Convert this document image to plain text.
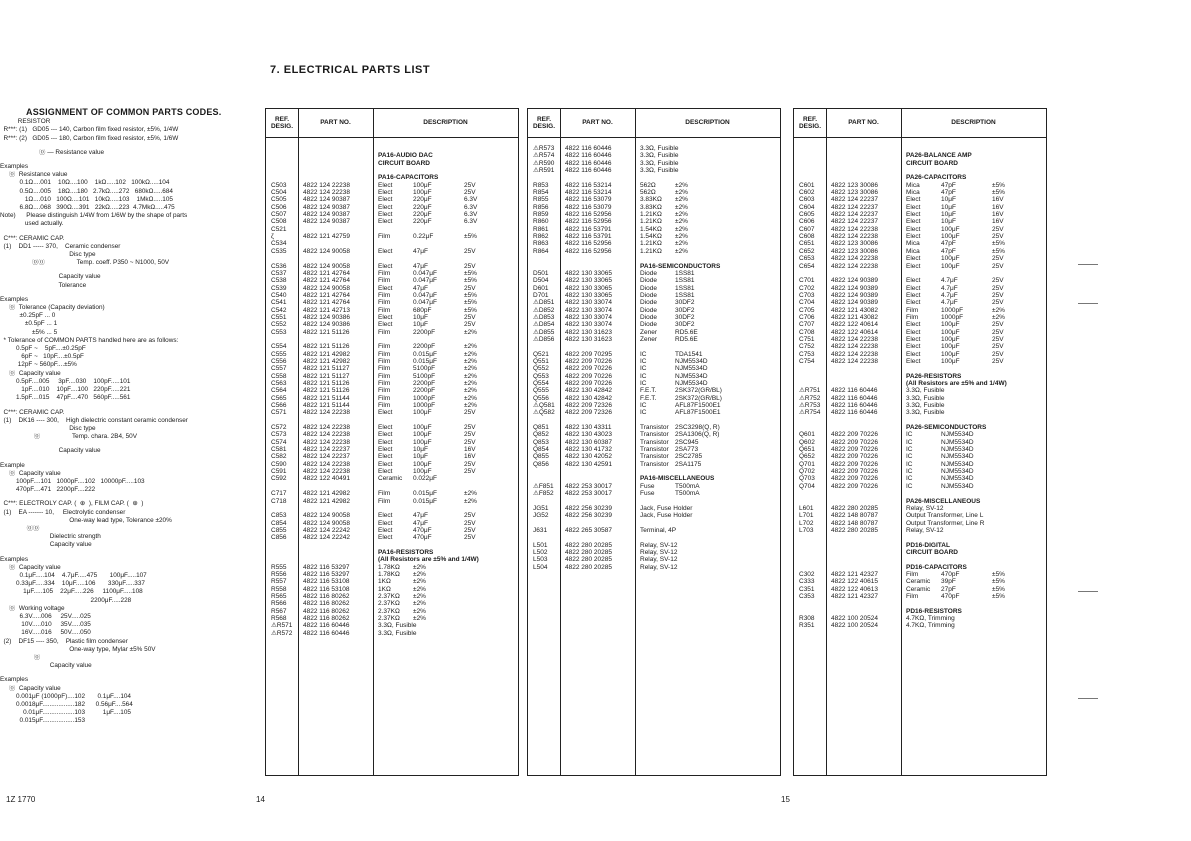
7. ELECTRICAL PARTS LIST
ASSIGNMENT OF COMMON PARTS CODES.
RESISTOR
R***: (1)   GD05 --- 140, Carbon film fixed resistor, ±5%, 1/4W
R***: (2)   GD05 --- 180, Carbon film fixed resistor, ±5%, 1/6W
⓪ — Resistance value
Examples
⓪  Resistance value
0.1Ω....001    10Ω....100    1kΩ.....102   100kΩ.....104
0.5Ω....005    18Ω....180   2.7kΩ.....272   680kΩ.....684
1Ω....010   100Ω....101   10kΩ.....103    1MkΩ.....105
6.8Ω....068   390Ω....391   22kΩ.....223  4.7MkΩ.....475
Note)      Please distinguish 1/4W from 1/6W by the shape of parts
used actually.
C***: CERAMIC CAP.
(1)    DD1 ----- 370,    Ceramic condenser
Disc type
⓪⓪                  Temp. coeff. P350 ~ N1000, 50V
Capacity value
Tolerance
Examples
⓪  Tolerance (Capacity deviation)
±0.25pF ... 0
±0.5pF ... 1
±5% ... 5
* Tolerance of COMMON PARTS handled here are as follows:
0.5pF ~    5pF....±0.25pF
6pF ~   10pF....±0.5pF
12pF ~ 560pF....±5%
⓪  Capacity value
0.5pF....005     3pF....030    100pF.....101
1pF....010    10pF....100   220pF.....221
1.5pF....015    47pF....470   560pF.....561
C***: CERAMIC CAP.
(1)    DK16 ---- 300,    High dielectric constant ceramic condenser
Disc type
⓪                  Temp. chara. 2B4, 50V
Capacity value
Example
⓪  Capacity value
100pF....101   1000pF....102   10000pF.....103
470pF....471   2200pF....222
C***: ELECTROLY CAP. (  ⊕  ), FILM CAP. (  ⊕  )
(1)    EA ------- 10,     Electrolytic condenser
One-way lead type, Tolerance ±20%
⓪⓪
Dielectric strength
Capacity value
Examples
⓪  Capacity value
0.1μF.....104    4.7μF.....475       100μF.....107
0.33μF.....334    10μF.....106       330μF.....337
1μF.....105    22μF.....226     1100μF.....108
2200μF.....228
⓪  Working voltage
6.3V.....006     25V.....025
10V.....010     35V.....035
16V.....016     50V.....050
(2)    DF15 ---- 350,    Plastic film condenser
One-way type, Mylar ±5% 50V
⓪
Capacity value
Examples
⓪  Capacity value
0.001μF (1000pF)....102       0.1μF....104
0.0018μF..................182      0.56μF....564
0.01μF..................103          1μF....105
0.015μF..................153
REF. DESIG.
PART NO.	DESCRIPTION
PA16-AUDIO DAC
CIRCUIT BOARD
PA16-CAPACITORS
C503	4822 124 22238	Elect	100μF	25V
C504	4822 124 22238	Elect	100μF	25V
C505	4822 124 90387	Elect	220μF	6.3V
C506	4822 124 90387	Elect	220μF	6.3V
C507	4822 124 90387	Elect	220μF	6.3V
C508	4822 124 90387	Elect	220μF	6.3V
C521
ζ	4822 121 42759	Film	0.22μF	±5%
C534
C535	4822 124 90058	Elect	47μF	25V
C536	4822 124 90058	Elect	47μF	25V
C537	4822 121 42764	Film	0.047μF	±5%
C538	4822 121 42764	Film	0.047μF	±5%
C539	4822 124 90058	Elect	47μF	25V
C540	4822 121 42764	Film	0.047μF	±5%
C541	4822 121 42764	Film	0.047μF	±5%
C542	4822 121 42713	Film	680pF	±5%
C551	4822 124 90386	Elect	10μF	25V
C552	4822 124 90386	Elect	10μF	25V
C553	4822 121 51126	Film	2200pF	±2%
C554	4822 121 51126	Film	2200pF	±2%
C555	4822 121 42982	Film	0.015μF	±2%
C556	4822 121 42982	Film	0.015μF	±2%
C557	4822 121 51127	Film	5100pF	±2%
C558	4822 121 51127	Film	5100pF	±2%
C563	4822 121 51126	Film	2200pF	±2%
C564	4822 121 51126	Film	2200pF	±2%
C565	4822 121 51144	Film	1000pF	±2%
C566	4822 121 51144	Film	1000pF	±2%
C571	4822 124 22238	Elect	100μF	25V
C572	4822 124 22238	Elect	100μF	25V
C573	4822 124 22238	Elect	100μF	25V
C574	4822 124 22238	Elect	100μF	25V
C581	4822 124 22237	Elect	10μF	16V
C582	4822 124 22237	Elect	10μF	16V
C590	4822 124 22238	Elect	100μF	25V
C591	4822 124 22238	Elect	100μF	25V
C592	4822 122 40491	Ceramic 0.022μF
C717	4822 121 42982	Film	0.015μF	±2%
C718	4822 121 42982	Film	0.015μF	±2%
C853	4822 124 90058	Elect	47μF	25V
C854	4822 124 90058	Elect	47μF	25V
C855	4822 124 22242	Elect	470μF	25V
C856	4822 124 22242	Elect	470μF	25V
PA16-RESISTORS
(All Resistors are ±5% and 1/4W)
R555	4822 116 53297	1.78KΩ ±2%
R556	4822 116 53297	1.78KΩ ±2%
R557	4822 116 53108	1KΩ	±2%
R558	4822 116 53108	1KΩ	±2%
R565	4822 116 80262	2.37KΩ ±2%
R566	4822 116 80262	2.37KΩ ±2%
R567	4822 116 80262	2.37KΩ ±2%
R568	4822 116 80262	2.37KΩ ±2%
⚠R571 4822 116 60446	3.3Ω, Fusible
⚠R572 4822 116 60446	3.3Ω, Fusible
REF. DESIG.
PART NO.	DESCRIPTION
⚠R573 4822 116 60446	3.3Ω, Fusible
⚠R574 4822 116 60446	3.3Ω, Fusible
⚠R590 4822 116 60446	3.3Ω, Fusible
⚠R591 4822 116 60446	3.3Ω, Fusible
R853	4822 116 53214	562Ω	±2%
R854	4822 116 53214	562Ω	±2%
R855	4822 116 53079	3.83KΩ ±2%
R856	4822 116 53079	3.83KΩ ±2%
R859	4822 116 52956	1.21KΩ ±2%
R860	4822 116 52956	1.21KΩ ±2%
R861	4822 116 53791	1.54KΩ ±2%
R862	4822 116 53791	1.54KΩ ±2%
R863	4822 116 52956	1.21KΩ ±2%
R864	4822 116 52956	1.21KΩ ±2%
PA16-SEMICONDUCTORS
D501	4822 130 33065	Diode	1SS81
D504	4822 130 33065	Diode	1SS81
D601	4822 130 33065	Diode	1SS81
D701	4822 130 33065	Diode	1SS81
⚠D851 4822 130 33074	Diode	30DF2
⚠D852 4822 130 33074	Diode	30DF2
⚠D853 4822 130 33074	Diode	30DF2
⚠D854 4822 130 33074	Diode	30DF2
⚠D855 4822 130 31623	Zener	RD5.6E
⚠D856 4822 130 31623	Zener	RD5.6E
Q521 4822 209 70295	IC	TDA1541
Q551 4822 209 70226	IC	NJM5534D
Q552 4822 209 70226	IC	NJM5534D
Q553 4822 209 70226	IC	NJM5534D
Q554 4822 209 70226	IC	NJM5534D
Q555 4822 130 42842	F.E.T.	2SK372(GR/BL)
Q556 4822 130 42842	F.E.T.	2SK372(GR/BL)
⚠Q581 4822 209 72326	IC	AFL87F1500E1
⚠Q582 4822 209 72326	IC	AFL87F1500E1
Q851 4822 130 43311	Transistor 2SC3298(Q, R)
Q852 4822 130 43023	Transistor 2SA1306(Q, R)
Q853 4822 130 60387	Transistor 2SC945
Q854 4822 130 41732	Transistor 2SA773
Q855 4822 130 42052	Transistor 2SC2785
Q856 4822 130 42591	Transistor 2SA1175
PA16-MISCELLANEOUS
⚠F851 4822 253 30017	Fuse	T500mA
⚠F852 4822 253 30017	Fuse	T500mA
JG51	4822 256 30239	Jack, Fuse Holder
JG52	4822 256 30239	Jack, Fuse Holder
J631	4822 265 30587	Terminal, 4P
L501	4822 280 20285	Relay, SV-12
L502	4822 280 20285	Relay, SV-12
L503	4822 280 20285	Relay, SV-12
L504	4822 280 20285	Relay, SV-12
REF. DESIG.
PART NO.	DESCRIPTION
PA26-BALANCE AMP
CIRCUIT BOARD
PA26-CAPACITORS
C601	4822 123 30086	Mica	47pF	±5%
C602	4822 123 30086	Mica	47pF	±5%
C603	4822 124 22237	Elect	10μF	16V
C604	4822 124 22237	Elect	10μF	16V
C605	4822 124 22237	Elect	10μF	16V
C606	4822 124 22237	Elect	10μF	16V
C607	4822 124 22238	Elect	100μF	25V
C608	4822 124 22238	Elect	100μF	25V
C651	4822 123 30086	Mica	47pF	±5%
C652	4822 123 30086	Mica	47pF	±5%
C653	4822 124 22238	Elect	100μF	25V
C654	4822 124 22238	Elect	100μF	25V
C701	4822 124 90389	Elect	4.7μF	25V
C702	4822 124 90389	Elect	4.7μF	25V
C703	4822 124 90389	Elect	4.7μF	25V
C704	4822 124 90389	Elect	4.7μF	25V
C705	4822 121 43082	Film	1000pF	±2%
C706	4822 121 43082	Film	1000pF	±2%
C707	4822 122 40614	Elect	100μF	25V
C708	4822 122 40614	Elect	100μF	25V
C751	4822 124 22238	Elect	100μF	25V
C752	4822 124 22238	Elect	100μF	25V
C753	4822 124 22238	Elect	100μF	25V
C754	4822 124 22238	Elect	100μF	25V
PA26-RESISTORS
(All Resistors are ±5% and 1/4W)
⚠R751 4822 116 60446	3.3Ω, Fusible
⚠R752 4822 116 60446	3.3Ω, Fusible
⚠R753 4822 116 60446	3.3Ω, Fusible
⚠R754 4822 116 60446	3.3Ω, Fusible
PA26-SEMICONDUCTORS
Q601 4822 209 70226	IC	NJM5534D
Q602 4822 209 70226	IC	NJM5534D
Q651 4822 209 70226	IC	NJM5534D
Q652 4822 209 70226	IC	NJM5534D
Q701 4822 209 70226	IC	NJM5534D
Q702 4822 209 70226	IC	NJM5534D
Q703 4822 209 70226	IC	NJM5534D
Q704 4822 209 70226	IC	NJM5534D
PA26-MISCELLANEOUS
L601	4822 280 20285	Relay, SV-12
L701	4822 148 80787	Output Transformer, Line L
L702	4822 148 80787	Output Transformer, Line R
L703	4822 280 20285	Relay, SV-12
PD16-DIGITAL
CIRCUIT BOARD
PD16-CAPACITORS
C302	4822 121 42327	Film	470pF	±5%
C333	4822 122 40615	Ceramic 39pF	±5%
C351	4822 122 40613	Ceramic 27pF	±5%
C353	4822 121 42327	Film	470pF	±5%
PD16-RESISTORS
R308	4822 100 20524	4.7KΩ, Trimming
R351	4822 100 20524	4.7KΩ, Trimming
1Z 1770	14	15
